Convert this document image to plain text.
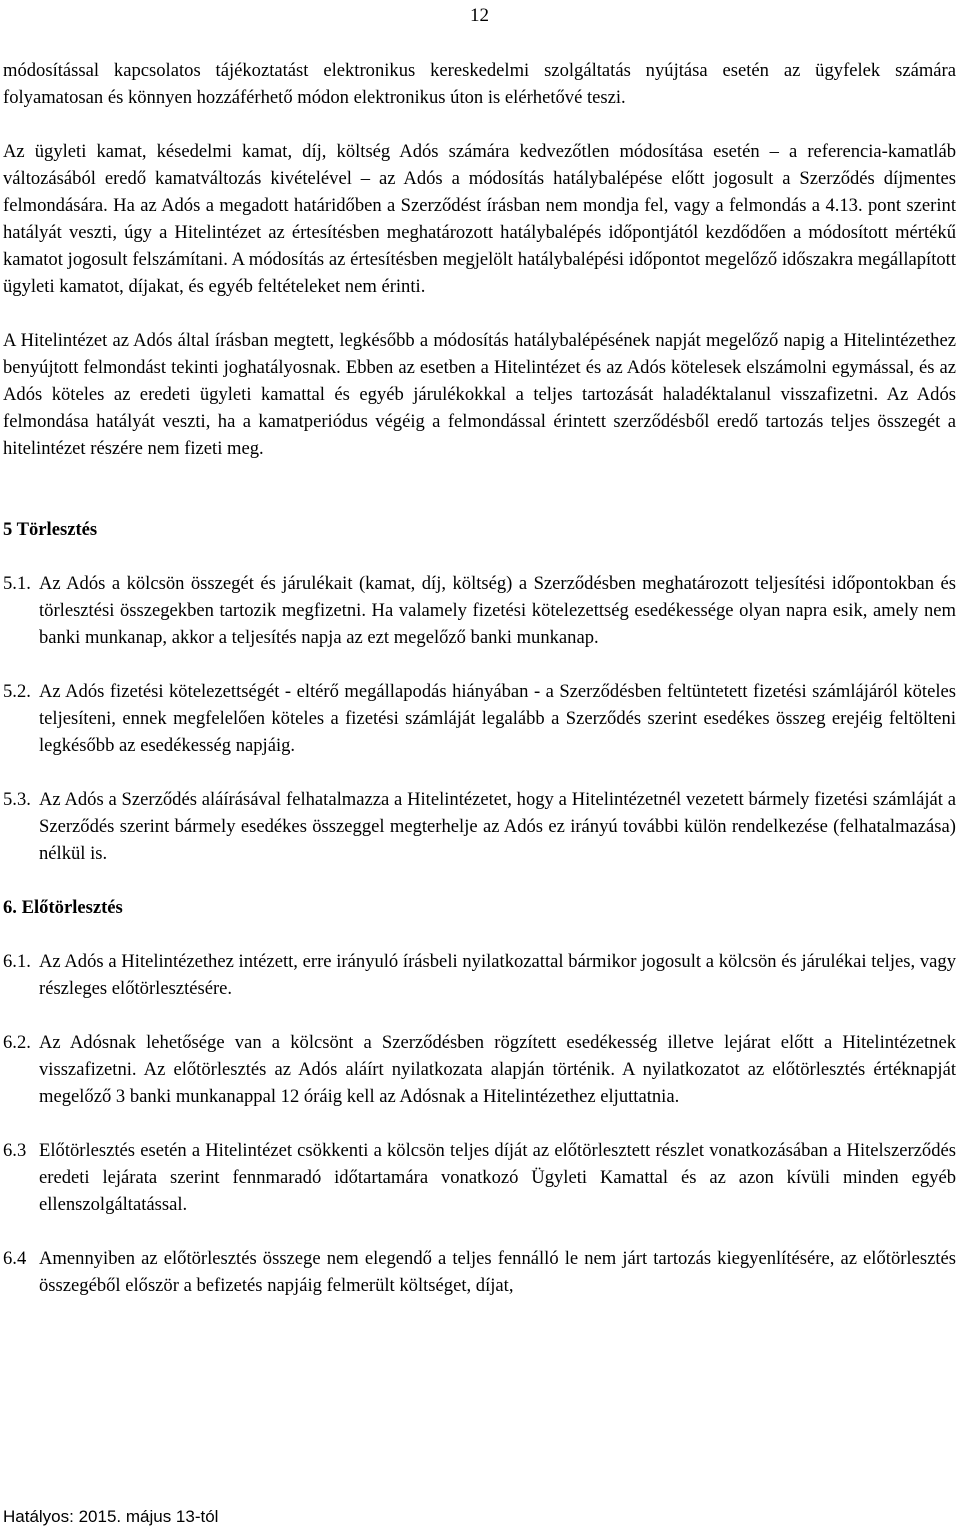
12

módosítással kapcsolatos tájékoztatást elektronikus kereskedelmi szolgáltatás nyújtása esetén az ügyfelek számára folyamatosan és könnyen hozzáférhető módon elektronikus úton is elérhetővé teszi.

Az ügyleti kamat, késedelmi kamat, díj, költség Adós számára kedvezőtlen módosítása esetén – a referencia-kamatláb változásából eredő kamatváltozás kivételével – az Adós a módosítás hatálybalépése előtt jogosult a Szerződés díjmentes felmondására. Ha az Adós a megadott határidőben a Szerződést írásban nem mondja fel, vagy a felmondás a 4.13. pont szerint hatályát veszti, úgy a Hitelintézet az értesítésben meghatározott hatálybalépés időpontjától kezdődően a módosított mértékű kamatot jogosult felszámítani. A módosítás az értesítésben megjelölt hatálybalépési időpontot megelőző időszakra megállapított ügyleti kamatot, díjakat, és egyéb feltételeket nem érinti.

A Hitelintézet az Adós által írásban megtett, legkésőbb a módosítás hatálybalépésének napját megelőző napig a Hitelintézethez benyújtott felmondást tekinti joghatályosnak. Ebben az esetben a Hitelintézet és az Adós kötelesek elszámolni egymással, és az Adós köteles az eredeti ügyleti kamattal és egyéb járulékokkal a teljes tartozását haladéktalanul visszafizetni. Az Adós felmondása hatályát veszti, ha a kamatperiódus végéig a felmondással érintett szerződésből eredő tartozás teljes összegét a hitelintézet részére nem fizeti meg.

5 Törlesztés

5.1. Az Adós a kölcsön összegét és járulékait (kamat, díj, költség) a Szerződésben meghatározott teljesítési időpontokban és törlesztési összegekben tartozik megfizetni. Ha valamely fizetési kötelezettség esedékessége olyan napra esik, amely nem banki munkanap, akkor a teljesítés napja az ezt megelőző banki munkanap.

5.2. Az Adós fizetési kötelezettségét - eltérő megállapodás hiányában - a Szerződésben feltüntetett fizetési számlájáról köteles teljesíteni, ennek megfelelően köteles a fizetési számláját legalább a Szerződés szerint esedékes összeg erejéig feltölteni legkésőbb az esedékesség napjáig.

5.3. Az Adós a Szerződés aláírásával felhatalmazza a Hitelintézetet, hogy a Hitelintézetnél vezetett bármely fizetési számláját a Szerződés szerint bármely esedékes összeggel megterhelje az Adós ez irányú további külön rendelkezése (felhatalmazása) nélkül is.

6. Előtörlesztés

6.1. Az Adós a Hitelintézethez intézett, erre irányuló írásbeli nyilatkozattal bármikor jogosult a kölcsön és járulékai teljes, vagy részleges előtörlesztésére.

6.2. Az Adósnak lehetősége van a kölcsönt a Szerződésben rögzített esedékesség illetve lejárat előtt a Hitelintézetnek visszafizetni. Az előtörlesztés az Adós aláírt nyilatkozata alapján történik. A nyilatkozatot az előtörlesztés értéknapját megelőző 3 banki munkanappal 12 óráig kell az Adósnak a Hitelintézethez eljuttatnia.

6.3 Előtörlesztés esetén a Hitelintézet csökkenti a kölcsön teljes díját az előtörlesztett részlet vonatkozásában a Hitelszerződés eredeti lejárata szerint fennmaradó időtartamára vonatkozó Ügyleti Kamattal és az azon kívüli minden egyéb ellenszolgáltatással.

6.4 Amennyiben az előtörlesztés összege nem elegendő a teljes fennálló le nem járt tartozás kiegyenlítésére, az előtörlesztés összegéből először a befizetés napjáig felmerült költséget, díjat,

Hatályos: 2015. május 13-tól
